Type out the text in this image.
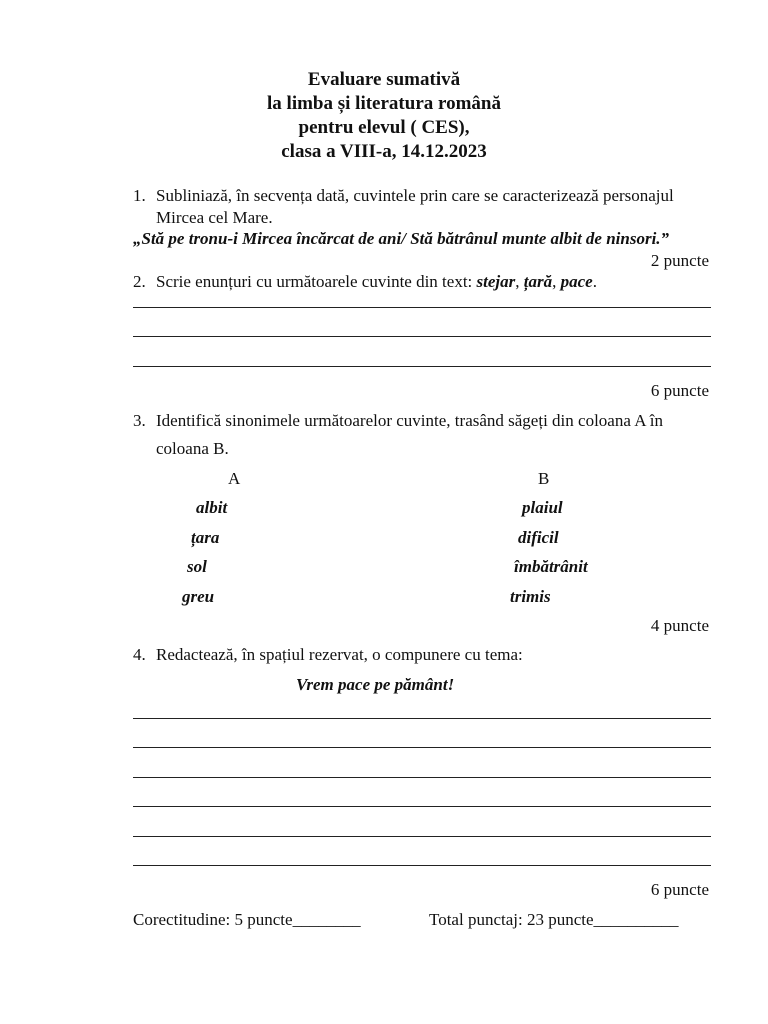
Evaluare sumativă
la limba și literatura română
pentru elevul ( CES),
clasa a VIII-a, 14.12.2023
1. Subliniază, în secvența dată, cuvintele prin care se caracterizează personajul
Mircea cel Mare.
„Stă pe tronu-i Mircea încărcat de ani/ Stă bătrânul munte albit de ninsori.”
2 puncte
2. Scrie enunțuri cu următoarele cuvinte din text: stejar, țară, pace.
6 puncte
3. Identifică sinonimele următoarelor cuvinte, trasând săgeți din coloana A în
coloana B.
A	B
albit
țara
sol
greu
plaiul
dificil
îmbătrânit
trimis
4 puncte
4. Redactează, în spațiul rezervat, o compunere cu tema:
Vrem pace pe pământ!
6 puncte
Corectitudine: 5 puncte________	Total punctaj: 23 puncte__________
